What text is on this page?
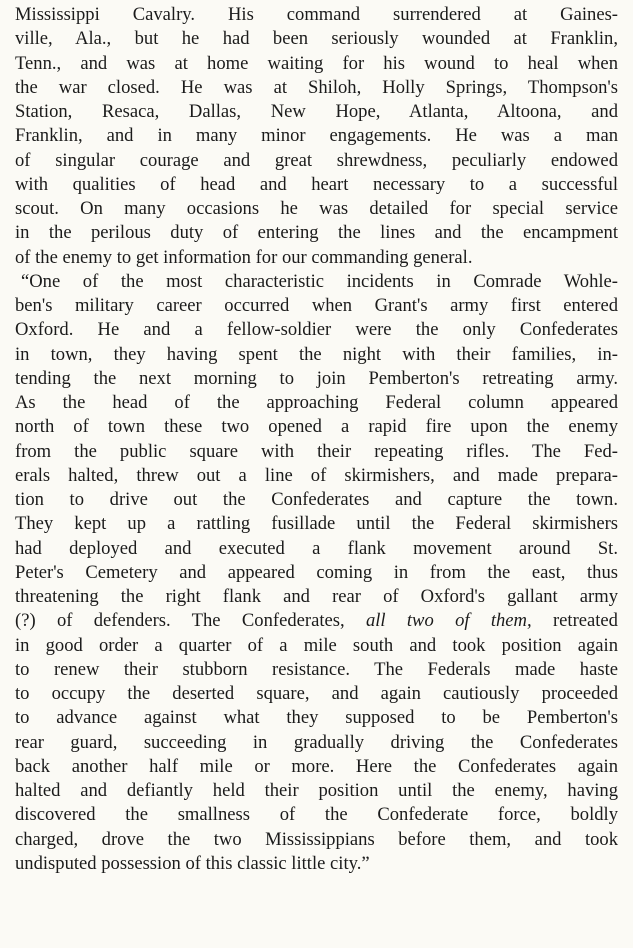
Mississippi Cavalry. His command surrendered at Gaines-
ville, Ala., but he had been seriously wounded at Franklin,
Tenn., and was at home waiting for his wound to heal when
the war closed. He was at Shiloh, Holly Springs, Thompson's
Station, Resaca, Dallas, New Hope, Atlanta, Altoona, and
Franklin, and in many minor engagements. He was a man
of singular courage and great shrewdness, peculiarly endowed
with qualities of head and heart necessary to a successful
scout. On many occasions he was detailed for special service
in the perilous duty of entering the lines and the encampment
of the enemy to get information for our commanding general.
“One of the most characteristic incidents in Comrade Wohle-
ben's military career occurred when Grant's army first entered
Oxford. He and a fellow-soldier were the only Confederates
in town, they having spent the night with their families, in-
tending the next morning to join Pemberton's retreating army.
As the head of the approaching Federal column appeared
north of town these two opened a rapid fire upon the enemy
from the public square with their repeating rifles. The Fed-
erals halted, threw out a line of skirmishers, and made prepara-
tion to drive out the Confederates and capture the town.
They kept up a rattling fusillade until the Federal skirmishers
had deployed and executed a flank movement around St.
Peter's Cemetery and appeared coming in from the east, thus
threatening the right flank and rear of Oxford's gallant army
(?) of defenders. The Confederates, all two of them, retreated
in good order a quarter of a mile south and took position again
to renew their stubborn resistance. The Federals made haste
to occupy the deserted square, and again cautiously proceeded
to advance against what they supposed to be Pemberton's
rear guard, succeeding in gradually driving the Confederates
back another half mile or more. Here the Confederates again
halted and defiantly held their position until the enemy, having
discovered the smallness of the Confederate force, boldly
charged, drove the two Mississippians before them, and took
undisputed possession of this classic little city.”
